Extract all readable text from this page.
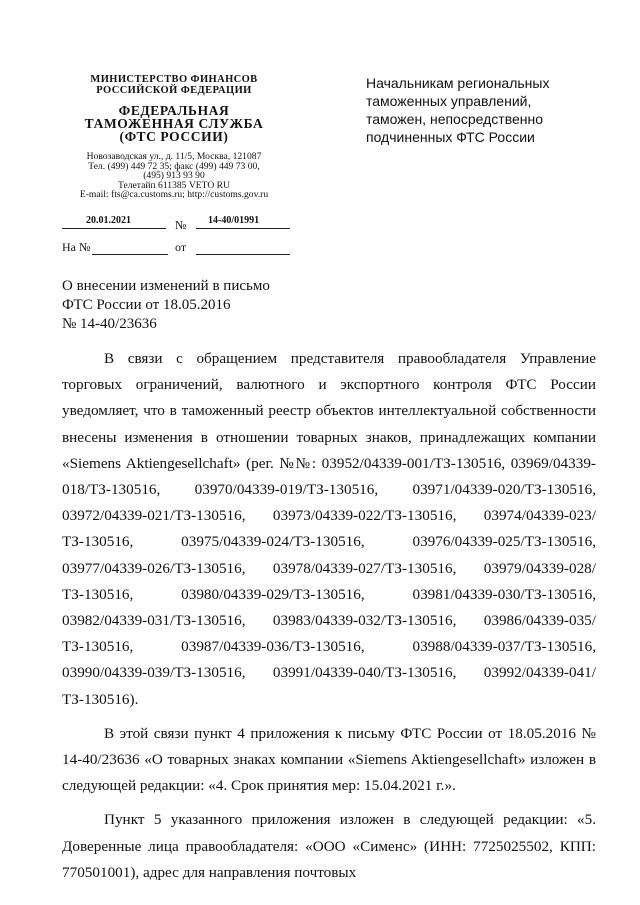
МИНИСТЕРСТВО ФИНАНСОВ
РОССИЙСКОЙ ФЕДЕРАЦИИ
ФЕДЕРАЛЬНАЯ
ТАМОЖЕННАЯ СЛУЖБА
(ФТС РОССИИ)
Новозаводская ул., д. 11/5, Москва, 121087
Тел. (499) 449 72 35; факс (499) 449 73 00,
(495) 913 93 90
Телетайп 611385 VETO RU
E-mail: fts@ca.customs.ru; http://customs.gov.ru
20.01.2021	№ 14-40/01991
На №	от
Начальникам региональных
таможенных управлений,
таможен, непосредственно
подчиненных ФТС России
О внесении изменений в письмо
ФТС России от 18.05.2016
№ 14-40/23636

В связи с обращением представителя правообладателя Управление торговых ограничений, валютного и экспортного контроля ФТС России уведомляет, что в таможенный реестр объектов интеллектуальной собственности внесены изменения в отношении товарных знаков, принадлежащих компании «Siemens Aktiengesellchaft» (рег. №№: 03952/04339-001/ТЗ-130516, 03969/04339-018/ТЗ-130516, 03970/04339-019/ТЗ-130516, 03971/04339-020/ТЗ-130516, 03972/04339-021/ТЗ-130516, 03973/04339-022/ТЗ-130516, 03974/04339-023/ТЗ-130516, 03975/04339-024/ТЗ-130516, 03976/04339-025/ТЗ-130516, 03977/04339-026/ТЗ-130516, 03978/04339-027/ТЗ-130516, 03979/04339-028/ТЗ-130516, 03980/04339-029/ТЗ-130516, 03981/04339-030/ТЗ-130516, 03982/04339-031/ТЗ-130516, 03983/04339-032/ТЗ-130516, 03986/04339-035/ТЗ-130516, 03987/04339-036/ТЗ-130516, 03988/04339-037/ТЗ-130516, 03990/04339-039/ТЗ-130516, 03991/04339-040/ТЗ-130516, 03992/04339-041/ТЗ-130516).

В этой связи пункт 4 приложения к письму ФТС России от 18.05.2016 № 14-40/23636 «О товарных знаках компании «Siemens Aktiengesellchaft» изложен в следующей редакции: «4. Срок принятия мер: 15.04.2021 г.».

Пункт 5 указанного приложения изложен в следующей редакции: «5. Доверенные лица правообладателя: «ООО «Сименс» (ИНН: 7725025502, КПП: 770501001), адрес для направления почтовых
